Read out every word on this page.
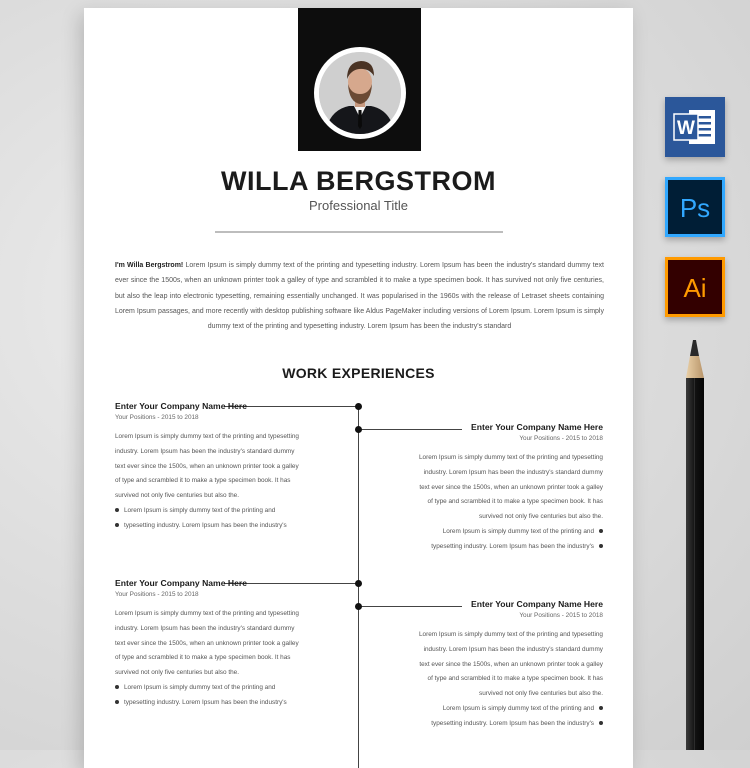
WILLA BERGSTROM
Professional Title
I'm Willa Bergstrom! Lorem Ipsum is simply dummy text of the printing and typesetting industry. Lorem Ipsum has been the industry's standard dummy text ever since the 1500s, when an unknown printer took a galley of type and scrambled it to make a type specimen book. It has survived not only five centuries, but also the leap into electronic typesetting, remaining essentially unchanged. It was popularised in the 1960s with the release of Letraset sheets containing Lorem Ipsum passages, and more recently with desktop publishing software like Aldus PageMaker including versions of Lorem Ipsum. Lorem Ipsum is simply dummy text of the printing and typesetting industry. Lorem Ipsum has been the industry's standard
WORK EXPERIENCES
Enter Your Company Name Here
Your Positions - 2015 to 2018
Lorem Ipsum is simply dummy text of the printing and typesetting
industry. Lorem Ipsum has been the industry's standard dummy
text ever since the 1500s, when an unknown printer took a galley
of type and scrambled it to make a type specimen book. It has
survived not only five centuries but also the.
Lorem Ipsum is simply dummy text of the printing and
typesetting industry. Lorem Ipsum has been the industry's
Enter Your Company Name Here
Your Positions - 2015 to 2018
Lorem Ipsum is simply dummy text of the printing and typesetting
industry. Lorem Ipsum has been the industry's standard dummy
text ever since the 1500s, when an unknown printer took a galley
of type and scrambled it to make a type specimen book. It has
survived not only five centuries but also the.
Lorem Ipsum is simply dummy text of the printing and
typesetting industry. Lorem Ipsum has been the industry's
Enter Your Company Name Here
Your Positions - 2015 to 2018
Lorem Ipsum is simply dummy text of the printing and typesetting
industry. Lorem Ipsum has been the industry's standard dummy
text ever since the 1500s, when an unknown printer took a galley
of type and scrambled it to make a type specimen book. It has
survived not only five centuries but also the.
Lorem Ipsum is simply dummy text of the printing and
typesetting industry. Lorem Ipsum has been the industry's
Enter Your Company Name Here
Your Positions - 2015 to 2018
Lorem Ipsum is simply dummy text of the printing and typesetting
industry. Lorem Ipsum has been the industry's standard dummy
text ever since the 1500s, when an unknown printer took a galley
of type and scrambled it to make a type specimen book. It has
survived not only five centuries but also the.
Lorem Ipsum is simply dummy text of the printing and
typesetting industry. Lorem Ipsum has been the industry's
W
Ps
Ai
